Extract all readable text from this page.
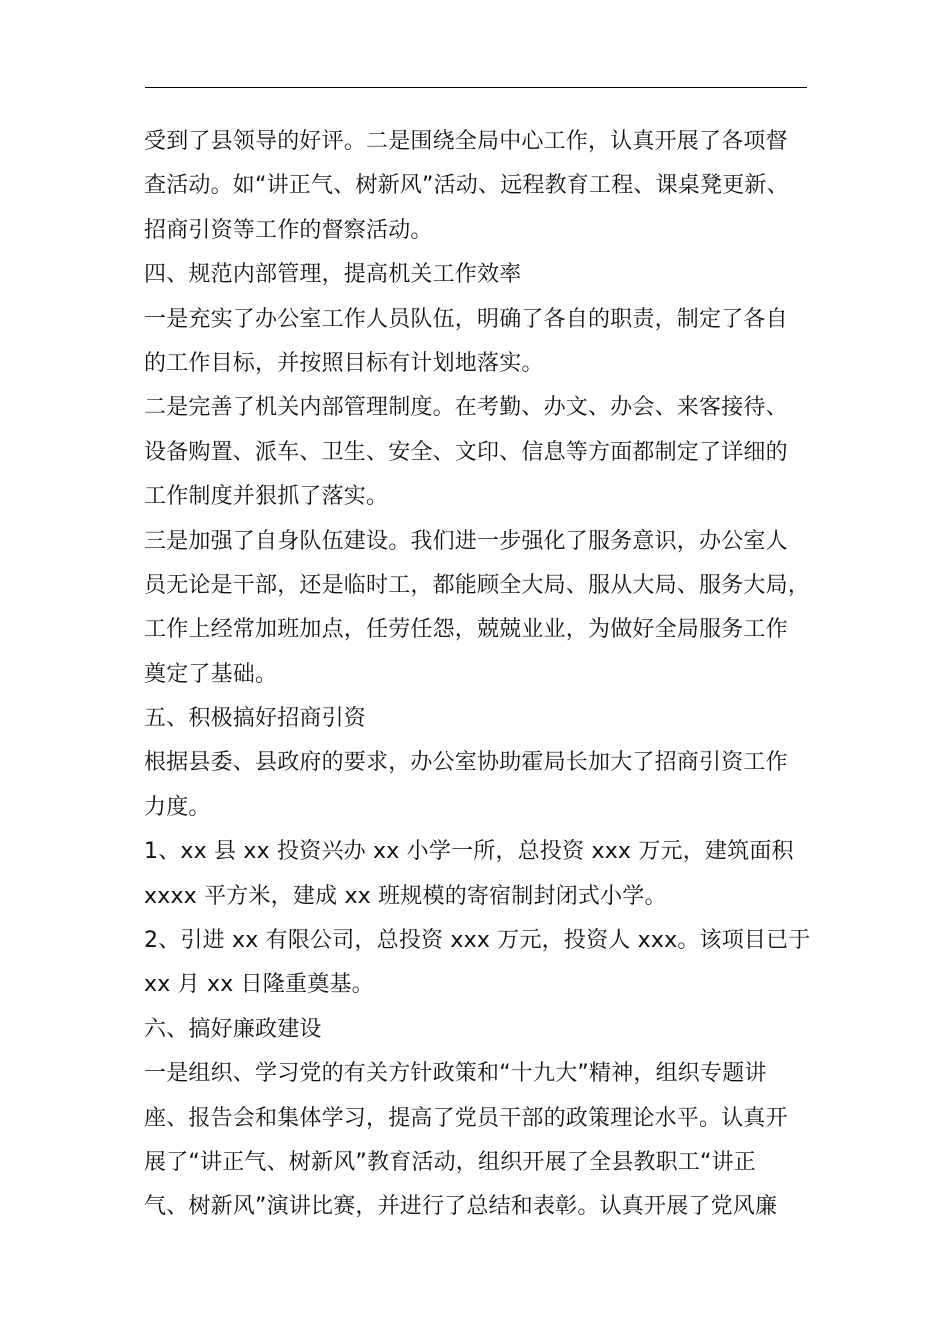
受到了县领导的好评。二是围绕全局中心工作，认真开展了各项督
查活动。如“讲正气、树新风”活动、远程教育工程、课桌凳更新、
招商引资等工作的督察活动。
四、规范内部管理，提高机关工作效率
一是充实了办公室工作人员队伍，明确了各自的职责，制定了各自
的工作目标，并按照目标有计划地落实。
二是完善了机关内部管理制度。在考勤、办文、办会、来客接待、
设备购置、派车、卫生、安全、文印、信息等方面都制定了详细的
工作制度并狠抓了落实。
三是加强了自身队伍建设。我们进一步强化了服务意识，办公室人
员无论是干部，还是临时工，都能顾全大局、服从大局、服务大局，
工作上经常加班加点，任劳任怨，兢兢业业，为做好全局服务工作
奠定了基础。
五、积极搞好招商引资
根据县委、县政府的要求，办公室协助霍局长加大了招商引资工作
力度。
1、xx 县 xx 投资兴办 xx 小学一所，总投资 xxx 万元，建筑面积
xxxx 平方米，建成 xx 班规模的寄宿制封闭式小学。
2、引进 xx 有限公司，总投资 xxx 万元，投资人 xxx。该项目已于
xx 月 xx 日隆重奠基。
六、搞好廉政建设
一是组织、学习党的有关方针政策和“十九大”精神，组织专题讲
座、报告会和集体学习，提高了党员干部的政策理论水平。认真开
展了“讲正气、树新风”教育活动，组织开展了全县教职工“讲正
气、树新风”演讲比赛，并进行了总结和表彰。认真开展了党风廉
